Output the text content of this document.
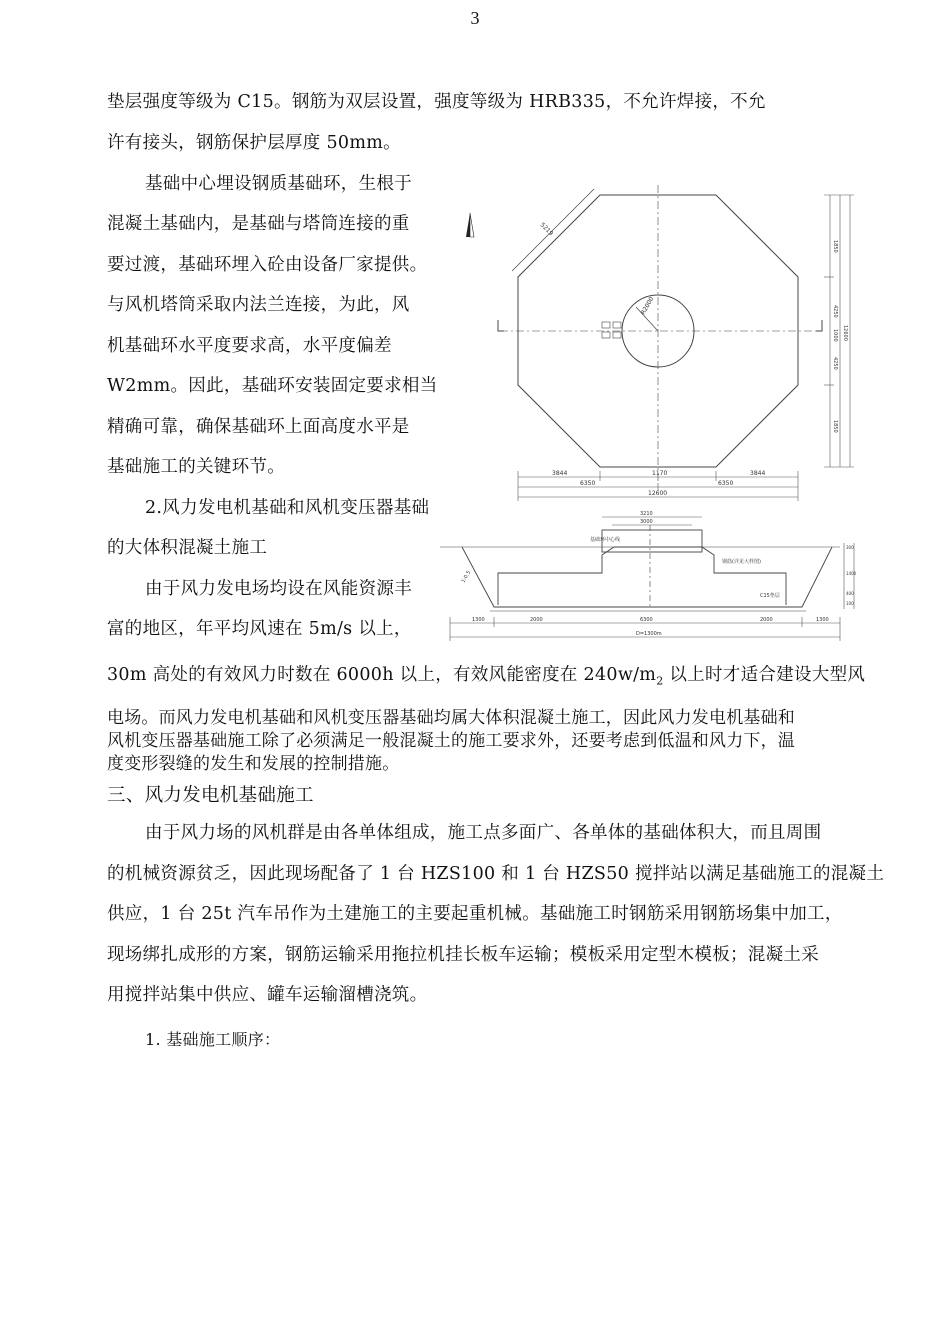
3
垫层强度等级为 C15。钢筋为双层设置，强度等级为 HRB335，不允许焊接，不允
许有接头，钢筋保护层厚度 50mm。
基础中心埋设钢质基础环，生根于
混凝土基础内，是基础与塔筒连接的重
要过渡，基础环埋入砼由设备厂家提供。
与风机塔筒采取内法兰连接，为此，风
机基础环水平度要求高，水平度偏差
W2mm。因此，基础环安装固定要求相当
精确可靠，确保基础环上面高度水平是
基础施工的关键环节。
2.风力发电机基础和风机变压器基础
的大体积混凝土施工
由于风力发电场均设在风能资源丰
富的地区，年平均风速在 5m/s 以上，
30m 高处的有效风力时数在 6000h 以上，有效风能密度在 $240w/m_2$ 以上时才适合建设大型风
电场。而风力发电机基础和风机变压器基础均属大体积混凝土施工，因此风力发电机基础和
风机变压器基础施工除了必须满足一般混凝土的施工要求外，还要考虑到低温和风力下，温
度变形裂缝的发生和发展的控制措施。
三、风力发电机基础施工
由于风力场的风机群是由各单体组成，施工点多面广、各单体的基础体积大，而且周围
的机械资源贫乏，因此现场配备了 1 台 HZS100 和 1 台 HZS50 搅拌站以满足基础施工的混凝土
供应，1 台 25t 汽车吊作为土建施工的主要起重机械。基础施工时钢筋采用钢筋场集中加工，
现场绑扎成形的方案，钢筋运输采用拖拉机挂长板车运输；模板采用定型木模板；混凝土采
用搅拌站集中供应、罐车运输溜槽浇筑。
1. 基础施工顺序：
R2000
5219
3844	1170	3844
6350	6350
12600
1850
4250
1000
4250
1850
12600
基础环中心线
钢筋(详见大样图)
C15垫层
1:0.5
3210
3000
300
1400
400
100
1300	2000	6300	2000	1300
D=1300m
